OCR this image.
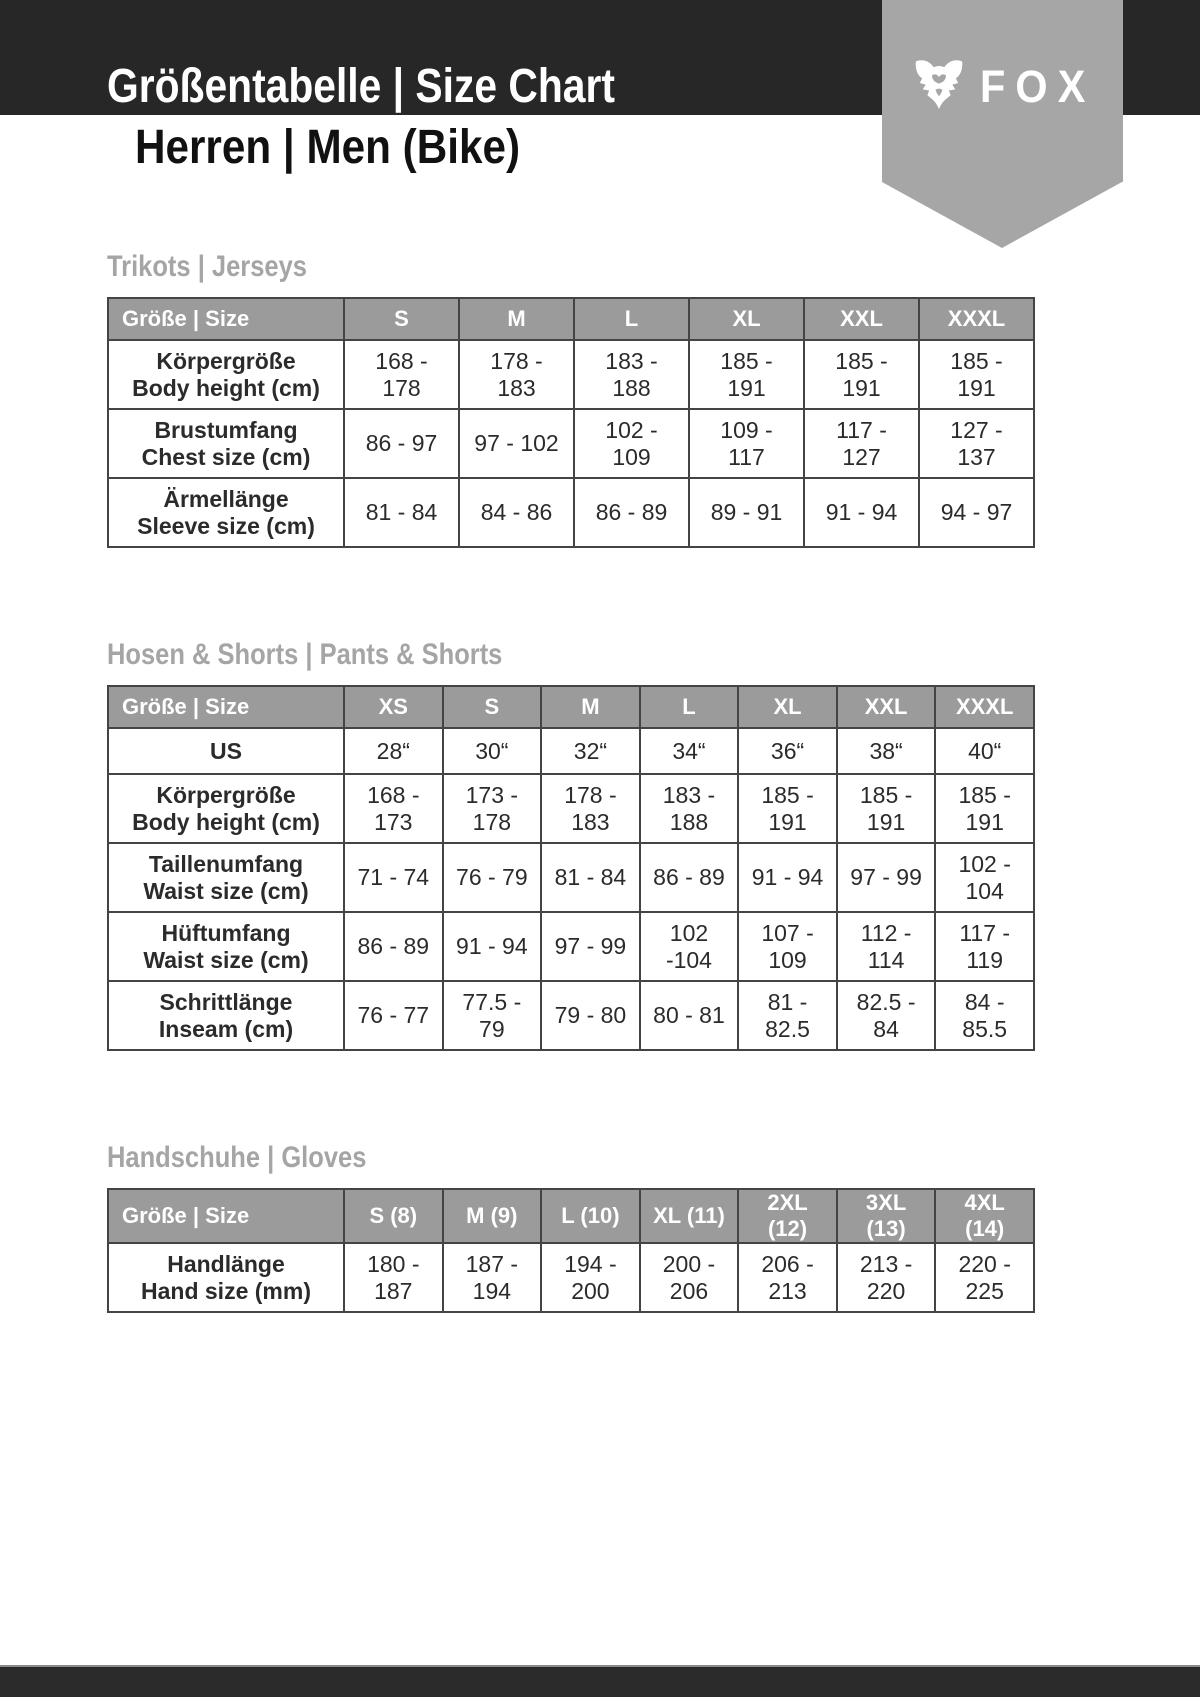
Größentabelle | Size Chart
Herren | Men (Bike)
FOX
Trikots | Jerseys
Größe | Size	S	M	L	XL	XXL	XXXL

Körpergröße
Body height (cm)	168 - 178	178 - 183	183 - 188	185 - 191	185 - 191	185 - 191

Brustumfang
Chest size (cm)	86 - 97	97 - 102	102 - 109	109 - 117	117 - 127	127 - 137

Ärmellänge
Sleeve size (cm)	81 - 84	84 - 86	86 - 89	89 - 91	91 - 94	94 - 97
Hosen & Shorts | Pants & Shorts
Größe | Size	XS	S	M	L	XL	XXL	XXXL

US	28“	30“	32“	34“	36“	38“	40“

Körpergröße
Body height (cm)	168 - 173	173 - 178	178 - 183	183 - 188	185 - 191	185 - 191	185 - 191

Taillenumfang
Waist size (cm)	71 - 74	76 - 79	81 - 84	86 - 89	91 - 94	97 - 99	102 - 104

Hüftumfang
Waist size (cm)	86 - 89	91 - 94	97 - 99	102 -104	107 - 109	112 - 114	117 - 119

Schrittlänge
Inseam (cm)	76 - 77	77.5 - 79	79 - 80	80 - 81	81 - 82.5	82.5 - 84	84 - 85.5
Handschuhe | Gloves
Größe | Size	S (8)	M (9)	L (10)	XL (11)	2XL (12)	3XL (13)	4XL (14)

Handlänge
Hand size (mm)	180 - 187	187 - 194	194 - 200	200 - 206	206 - 213	213 - 220	220 - 225
